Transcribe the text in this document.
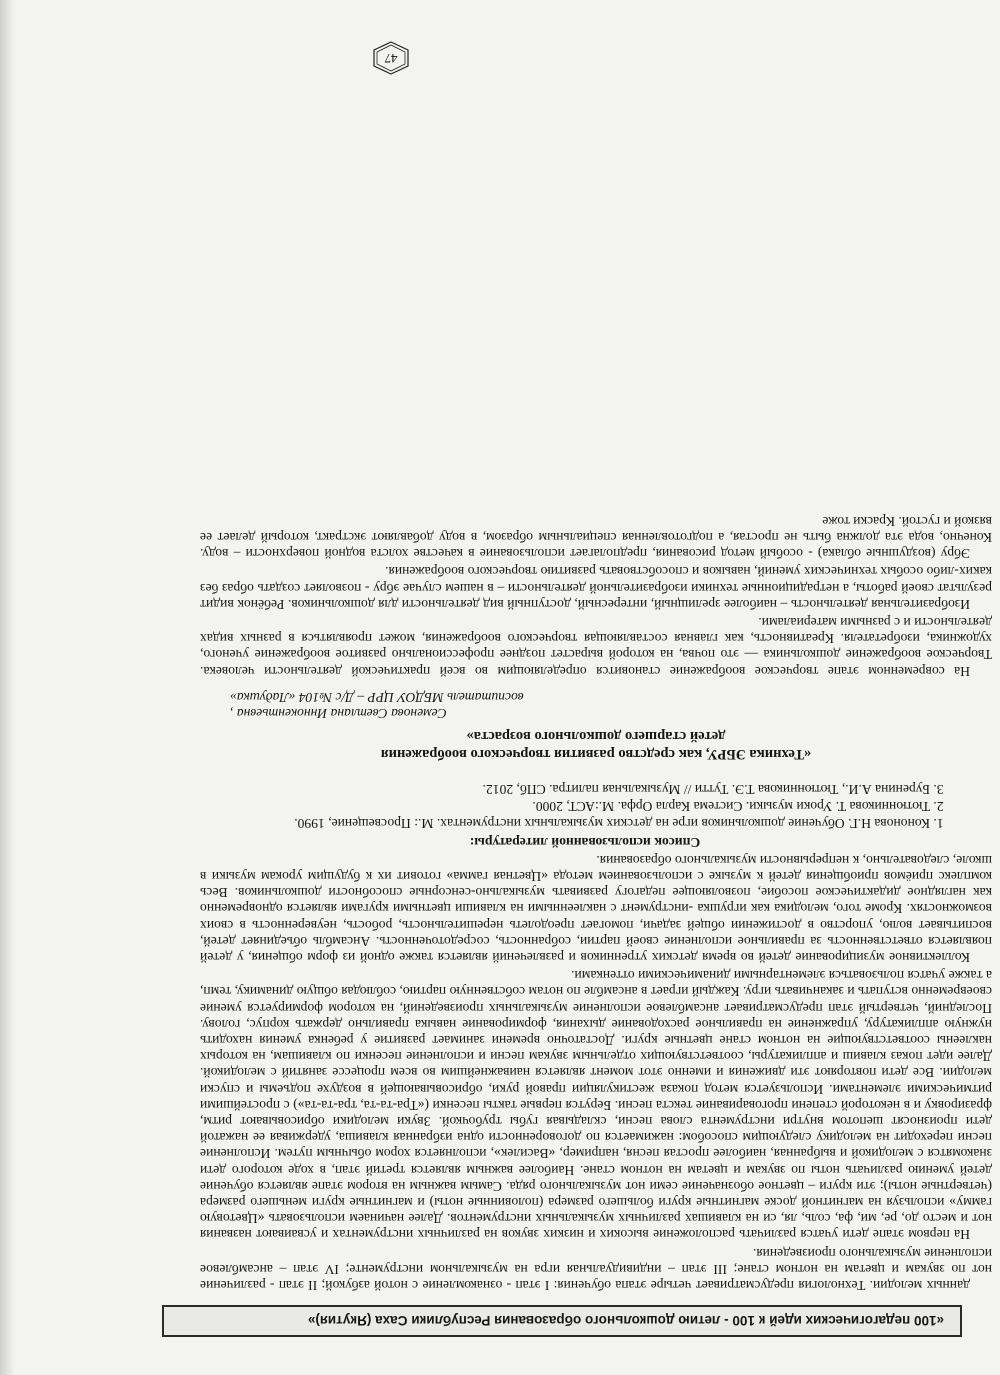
«100 педагогических идей к 100 - летию дошкольного образования Республики Саха (Якутия)»

данных мелодии. Технология предусматривает четыре этапа обучения: I этап - ознакомление с нотой азбукой; II этап - различение нот по звукам и цветам на нотном стане; III этап – индивидуальная игра на музыкальном инструменте; IV этап – ансамблевое исполнение музыкального произведения.

На первом этапе дети учатся различать расположение высоких и низких звуков на различных инструментах и усваивают названия нот и место до, ре, ми, фа, соль, ля, си на клавишах различных музыкальных инструментов. Далее начинаем использовать «Цветовую гамму» используя на магнитной доске магнитные круги большего размера (половинные ноты) и магнитные круги меньшего размера (четвертные ноты); эти круги – цветное обозначение семи нот музыкального ряда. Самым важным на втором этапе является обучение детей умению различать ноты по звукам и цветам на нотном стане. Наиболее важным является третий этап, в ходе которого дети знакомятся с мелодикой и выбранная, наиболее простая песня, например, «Василек», исполняется хором обычным путем. Исполнение песни переходит на мелодику следующим способом: нажимается по договоренности одна избранная клавиша, удерживая ее нажатой дети произносят шепотом внутри инструмента слова песни, складывая губы трубочкой. Звуки мелодики обрисовывают ритм, фразировку и в некоторой степени проговаривание текста песни. Берутся первые такты песенки («Тра-та-та, тра-та-та») с простейшими ритмическими элементами. Используется метод показа жестикуляции правой руки, обрисовывающей в воздухе подъемы и спуски мелодии. Все дети повторяют эти движения и именно этот момент является наиважнейшим во всем процессе занятий с мелодикой. Далее идет показ клавиш и аппликатуры, соответствующих отдельным звукам песни и исполнение песенки по клавишам, на которых наклеены соответствующие на нотном стане цветные круги. Достаточно времени занимает развитие у ребенка умения находить нужную аппликатуру, упражнение на правильное расходование дыхания, формирование навыка правильно держать корпус, голову. Последний, четвертый этап предусматривает ансамблевое исполнение музыкальных произведений, на котором формируется умение своевременно вступать и заканчивать игру. Каждый играет в ансамбле по нотам собственную партию, соблюдая общую динамику, темп, а также учатся пользоваться элементарными динамическими оттенками.

Коллективное музицирование детей во время детских утренников и развлечений является также одной из форм общения, у детей появляется ответственность за правильное исполнение своей партии, собранность, сосредоточенность. Ансамбль объединяет детей, воспитывает волю, упорство в достижении общей задачи, помогает преодолеть нерешительность, робость, неуверенность в своих возможностях. Кроме того, мелодика как игрушка -инструмент с наклеенными на клавиши цветными кругами является одновременно как наглядное дидактическое пособие, позволяющее педагогу развивать музыкально-сенсорные способности дошкольников. Весь комплекс приёмов приобщения детей к музыке с использованием метода «Цветная гамма» готовит их к будущим урокам музыки в школе, следовательно, к непрерывности музыкального образования.

Список использованной литературы:

1. Кононова Н.Г. Обучение дошкольников игре на детских музыкальных инструментах. М.: Просвещение, 1990.
2. Тютюнникова Т. Уроки музыки. Система Карла Орфа. М.:АСТ, 2000.
3. Буренина А.И., Тютюнникова Т.Э. Тутти // Музыкальная палитра. СПб, 2012.
«Техника ЭБРУ, как средство развития творческого воображения
детей старшего дошкольного возраста»
Семенова Светлана Иннокентьевна ,
воспитатель МБДОУ ЦРР – Д/с №104 «Ладушка»

На современном этапе творческое воображение становится определяющим во всей практической деятельности человека. Творческое воображение дошкольника — это почва, на которой вырастет позднее профессионально развитое воображение ученого, художника, изобретателя. Креативность, как главная составляющая творческого воображения, может проявляться в разных видах деятельности и с разными материалами.

Изобразительная деятельность – наиболее зрелищный, интересный, доступный вид деятельности для дошкольников. Ребёнок видит результат своей работы, а нетрадиционные техники изобразительной деятельности – в нашем случае эбру - позволяет создать образ без каких-либо особых технических умений, навыков и способствовать развитию творческого воображения.

Эбру (воздушные облака) - особый метод рисования, предполагает использование в качестве холста водной поверхности – воду. Конечно, вода эта должна быть не простая, а подготовленная специальным образом, в воду добавляют экстракт, который делает ее вязкой и густой. Краски тоже

47
